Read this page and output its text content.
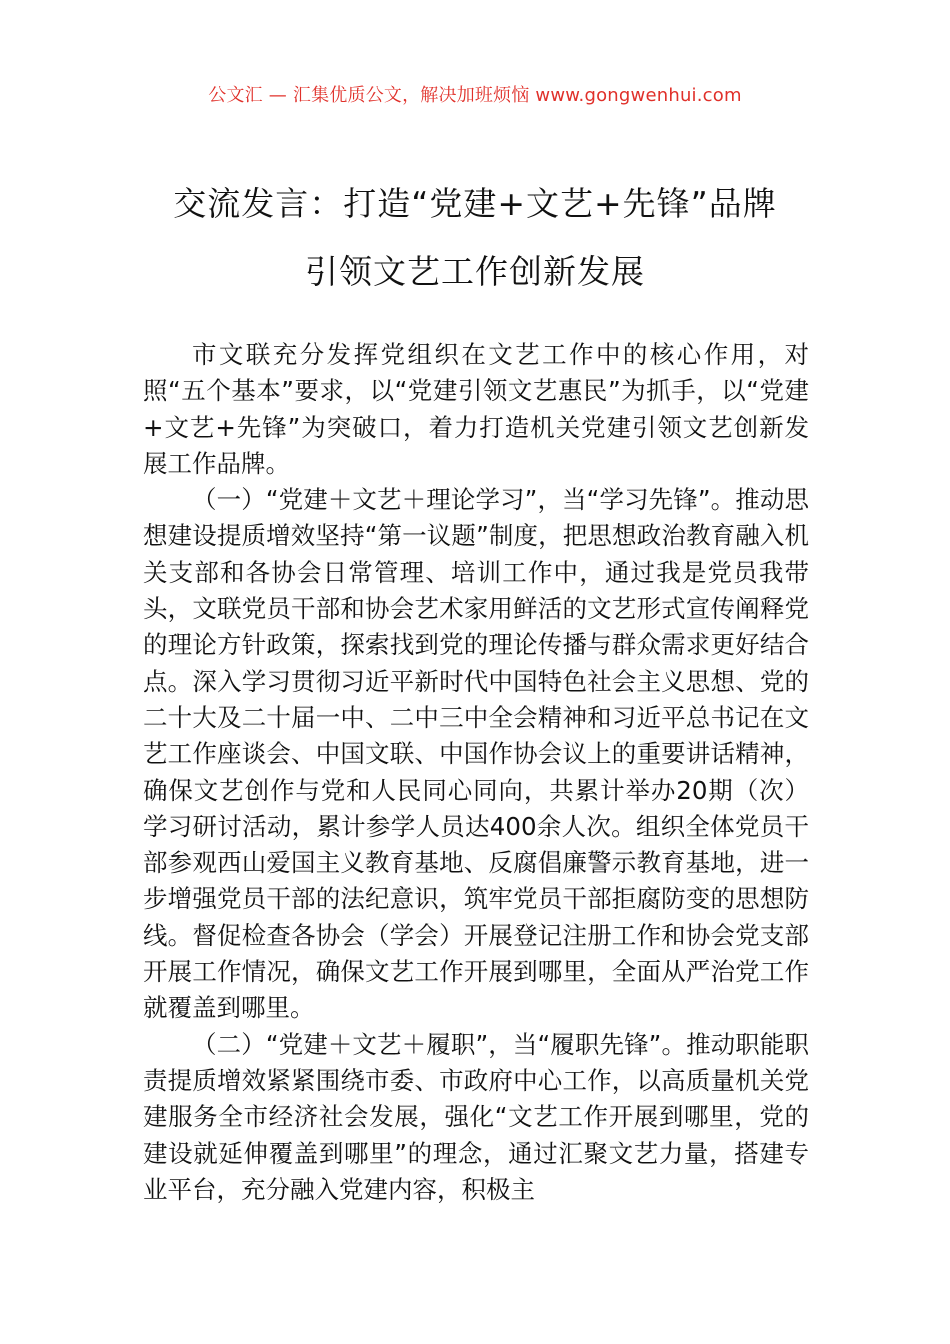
公文汇 — 汇集优质公文，解决加班烦恼 www.gongwenhui.com
交流发言：打造“党建+文艺+先锋”品牌
引领文艺工作创新发展

市文联充分发挥党组织在文艺工作中的核心作用，对照“五个基本”要求，以“党建引领文艺惠民”为抓手，以“党建+文艺+先锋”为突破口，着力打造机关党建引领文艺创新发展工作品牌。

（一）“党建＋文艺＋理论学习”，当“学习先锋”。推动思想建设提质增效坚持“第一议题”制度，把思想政治教育融入机关支部和各协会日常管理、培训工作中，通过我是党员我带头，文联党员干部和协会艺术家用鲜活的文艺形式宣传阐释党的理论方针政策，探索找到党的理论传播与群众需求更好结合点。深入学习贯彻习近平新时代中国特色社会主义思想、党的二十大及二十届一中、二中三中全会精神和习近平总书记在文艺工作座谈会、中国文联、中国作协会议上的重要讲话精神，确保文艺创作与党和人民同心同向，共累计举办20期（次）学习研讨活动，累计参学人员达400余人次。组织全体党员干部参观西山爱国主义教育基地、反腐倡廉警示教育基地，进一步增强党员干部的法纪意识，筑牢党员干部拒腐防变的思想防线。督促检查各协会（学会）开展登记注册工作和协会党支部开展工作情况，确保文艺工作开展到哪里，全面从严治党工作就覆盖到哪里。

（二）“党建＋文艺＋履职”，当“履职先锋”。推动职能职责提质增效紧紧围绕市委、市政府中心工作，以高质量机关党建服务全市经济社会发展，强化“文艺工作开展到哪里，党的建设就延伸覆盖到哪里”的理念，通过汇聚文艺力量，搭建专业平台，充分融入党建内容，积极主
